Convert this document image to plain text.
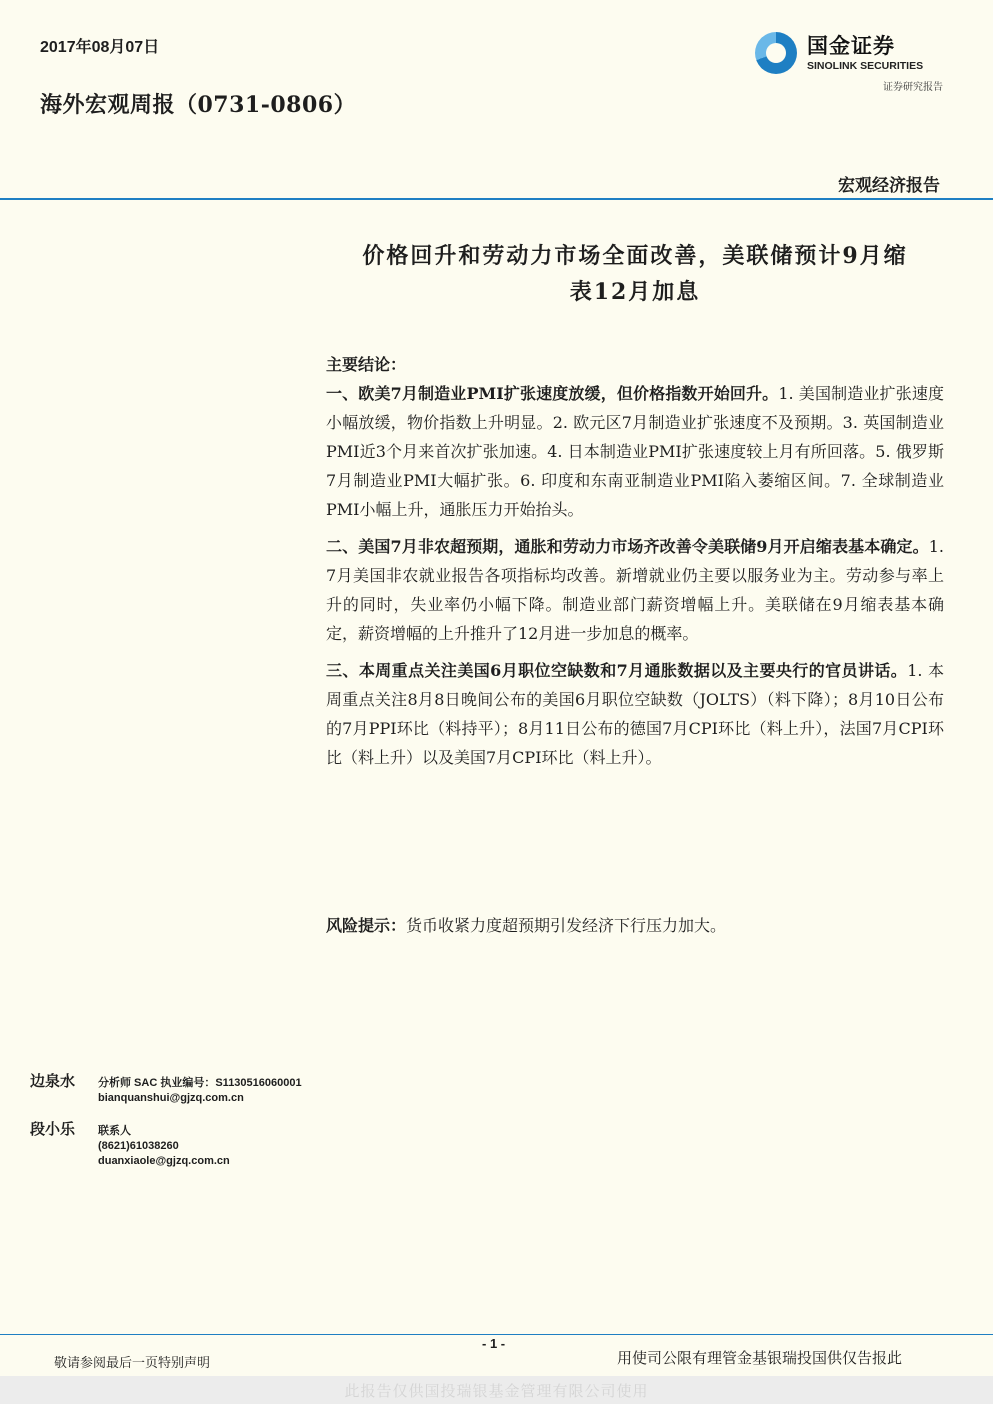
2017年08月07日
海外宏观周报（0731-0806）
国金证券
SINOLINK SECURITIES
证券研究报告
宏观经济报告
价格回升和劳动力市场全面改善，美联储预计9月缩
表12月加息

主要结论：

一、欧美7月制造业PMI扩张速度放缓，但价格指数开始回升。1. 美国制造业扩张速度小幅放缓，物价指数上升明显。2. 欧元区7月制造业扩张速度不及预期。3. 英国制造业PMI近3个月来首次扩张加速。4. 日本制造业PMI扩张速度较上月有所回落。5. 俄罗斯7月制造业PMI大幅扩张。6. 印度和东南亚制造业PMI陷入萎缩区间。7. 全球制造业PMI小幅上升，通胀压力开始抬头。

二、美国7月非农超预期，通胀和劳动力市场齐改善令美联储9月开启缩表基本确定。1. 7月美国非农就业报告各项指标均改善。新增就业仍主要以服务业为主。劳动参与率上升的同时，失业率仍小幅下降。制造业部门薪资增幅上升。美联储在9月缩表基本确定，薪资增幅的上升推升了12月进一步加息的概率。

三、本周重点关注美国6月职位空缺数和7月通胀数据以及主要央行的官员讲话。1. 本周重点关注8月8日晚间公布的美国6月职位空缺数（JOLTS）（料下降）；8月10日公布的7月PPI环比（料持平）；8月11日公布的德国7月CPI环比（料上升），法国7月CPI环比（料上升）以及美国7月CPI环比（料上升）。

风险提示：货币收紧力度超预期引发经济下行压力加大。
边泉水	分析师 SAC 执业编号：S1130516060001
bianquanshui@gjzq.com.cn
段小乐	联系人
(8621)61038260
duanxiaole@gjzq.com.cn
- 1 -
敬请参阅最后一页特别声明	用使司公限有理管金基银瑞投国供仅告报此
此报告仅供国投瑞银基金管理有限公司使用
